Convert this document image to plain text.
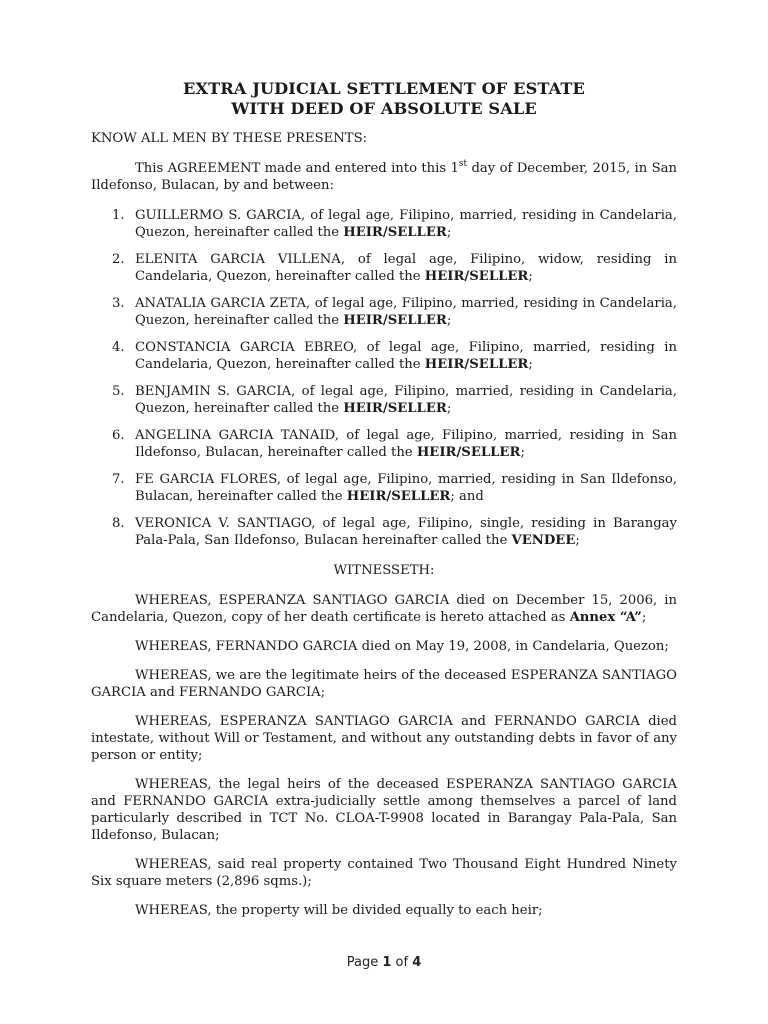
EXTRA JUDICIAL SETTLEMENT OF ESTATE
WITH DEED OF ABSOLUTE SALE

KNOW ALL MEN BY THESE PRESENTS:

This AGREEMENT made and entered into this 1st day of December, 2015, in San Ildefonso, Bulacan, by and between:

1. GUILLERMO S. GARCIA, of legal age, Filipino, married, residing in Candelaria, Quezon, hereinafter called the HEIR/SELLER;
2. ELENITA GARCIA VILLENA, of legal age, Filipino, widow, residing in Candelaria, Quezon, hereinafter called the HEIR/SELLER;
3. ANATALIA GARCIA ZETA, of legal age, Filipino, married, residing in Candelaria, Quezon, hereinafter called the HEIR/SELLER;
4. CONSTANCIA GARCIA EBREO, of legal age, Filipino, married, residing in Candelaria, Quezon, hereinafter called the HEIR/SELLER;
5. BENJAMIN S. GARCIA, of legal age, Filipino, married, residing in Candelaria, Quezon, hereinafter called the HEIR/SELLER;
6. ANGELINA GARCIA TANAID, of legal age, Filipino, married, residing in San Ildefonso, Bulacan, hereinafter called the HEIR/SELLER;
7. FE GARCIA FLORES, of legal age, Filipino, married, residing in San Ildefonso, Bulacan, hereinafter called the HEIR/SELLER; and
8. VERONICA V. SANTIAGO, of legal age, Filipino, single, residing in Barangay Pala-Pala, San Ildefonso, Bulacan hereinafter called the VENDEE;

WITNESSETH:

WHEREAS, ESPERANZA SANTIAGO GARCIA died on December 15, 2006, in Candelaria, Quezon, copy of her death certificate is hereto attached as Annex “A”;

WHEREAS, FERNANDO GARCIA died on May 19, 2008, in Candelaria, Quezon;

WHEREAS, we are the legitimate heirs of the deceased ESPERANZA SANTIAGO GARCIA and FERNANDO GARCIA;

WHEREAS, ESPERANZA SANTIAGO GARCIA and FERNANDO GARCIA died intestate, without Will or Testament, and without any outstanding debts in favor of any person or entity;

WHEREAS, the legal heirs of the deceased ESPERANZA SANTIAGO GARCIA and FERNANDO GARCIA extra-judicially settle among themselves a parcel of land particularly described in TCT No. CLOA-T-9908 located in Barangay Pala-Pala, San Ildefonso, Bulacan;

WHEREAS, said real property contained Two Thousand Eight Hundred Ninety Six square meters (2,896 sqms.);

WHEREAS, the property will be divided equally to each heir;

Page 1 of 4
